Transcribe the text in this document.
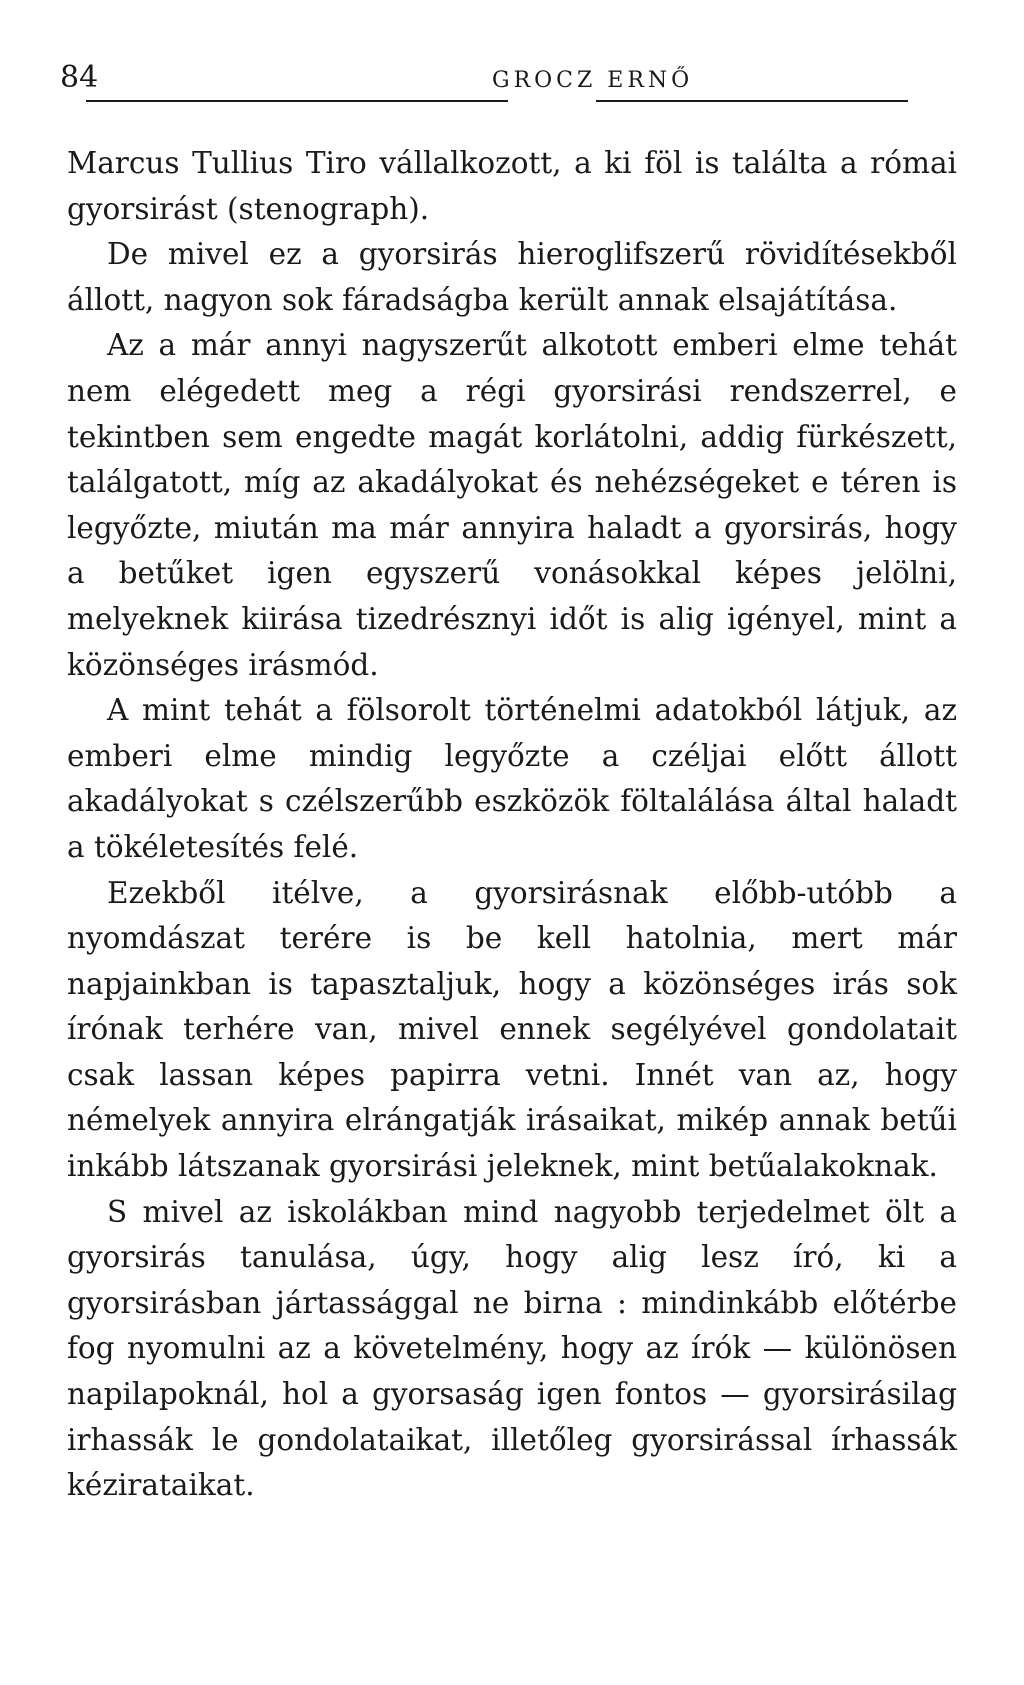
84	GROCZ ERNŐ

Marcus Tullius Tiro vállalkozott, a ki föl is találta a római gyorsirást (stenograph).

De mivel ez a gyorsirás hieroglifszerű rövidítésekből állott, nagyon sok fáradságba került annak elsajátítása.

Az a már annyi nagyszerűt alkotott emberi elme tehát nem elégedett meg a régi gyorsirási rendszerrel, e tekintben sem engedte magát korlátolni, addig fürkészett, találgatott, míg az akadályokat és nehézségeket e téren is legyőzte, miután ma már annyira haladt a gyorsirás, hogy a betűket igen egyszerű vonásokkal képes jelölni, melyeknek kiirása tizedrésznyi időt is alig igényel, mint a közönséges irásmód.

A mint tehát a fölsorolt történelmi adatokból látjuk, az emberi elme mindig legyőzte a czéljai előtt állott akadályokat s czélszerűbb eszközök föltalálása által haladt a tökéletesítés felé.

Ezekből itélve, a gyorsirásnak előbb-utóbb a nyomdászat terére is be kell hatolnia, mert már napjainkban is tapasztaljuk, hogy a közönséges irás sok írónak terhére van, mivel ennek segélyével gondolatait csak lassan képes papirra vetni. Innét van az, hogy némelyek annyira elrángatják irásaikat, mikép annak betűi inkább látszanak gyorsirási jeleknek, mint betűalakoknak.

S mivel az iskolákban mind nagyobb terjedelmet ölt a gyorsirás tanulása, úgy, hogy alig lesz író, ki a gyorsirásban jártassággal ne birna : mindinkább előtérbe fog nyomulni az a követelmény, hogy az írók — különösen napilapoknál, hol a gyorsaság igen fontos — gyorsirásilag irhassák le gondolataikat, illetőleg gyorsirással írhassák kézirataikat.
